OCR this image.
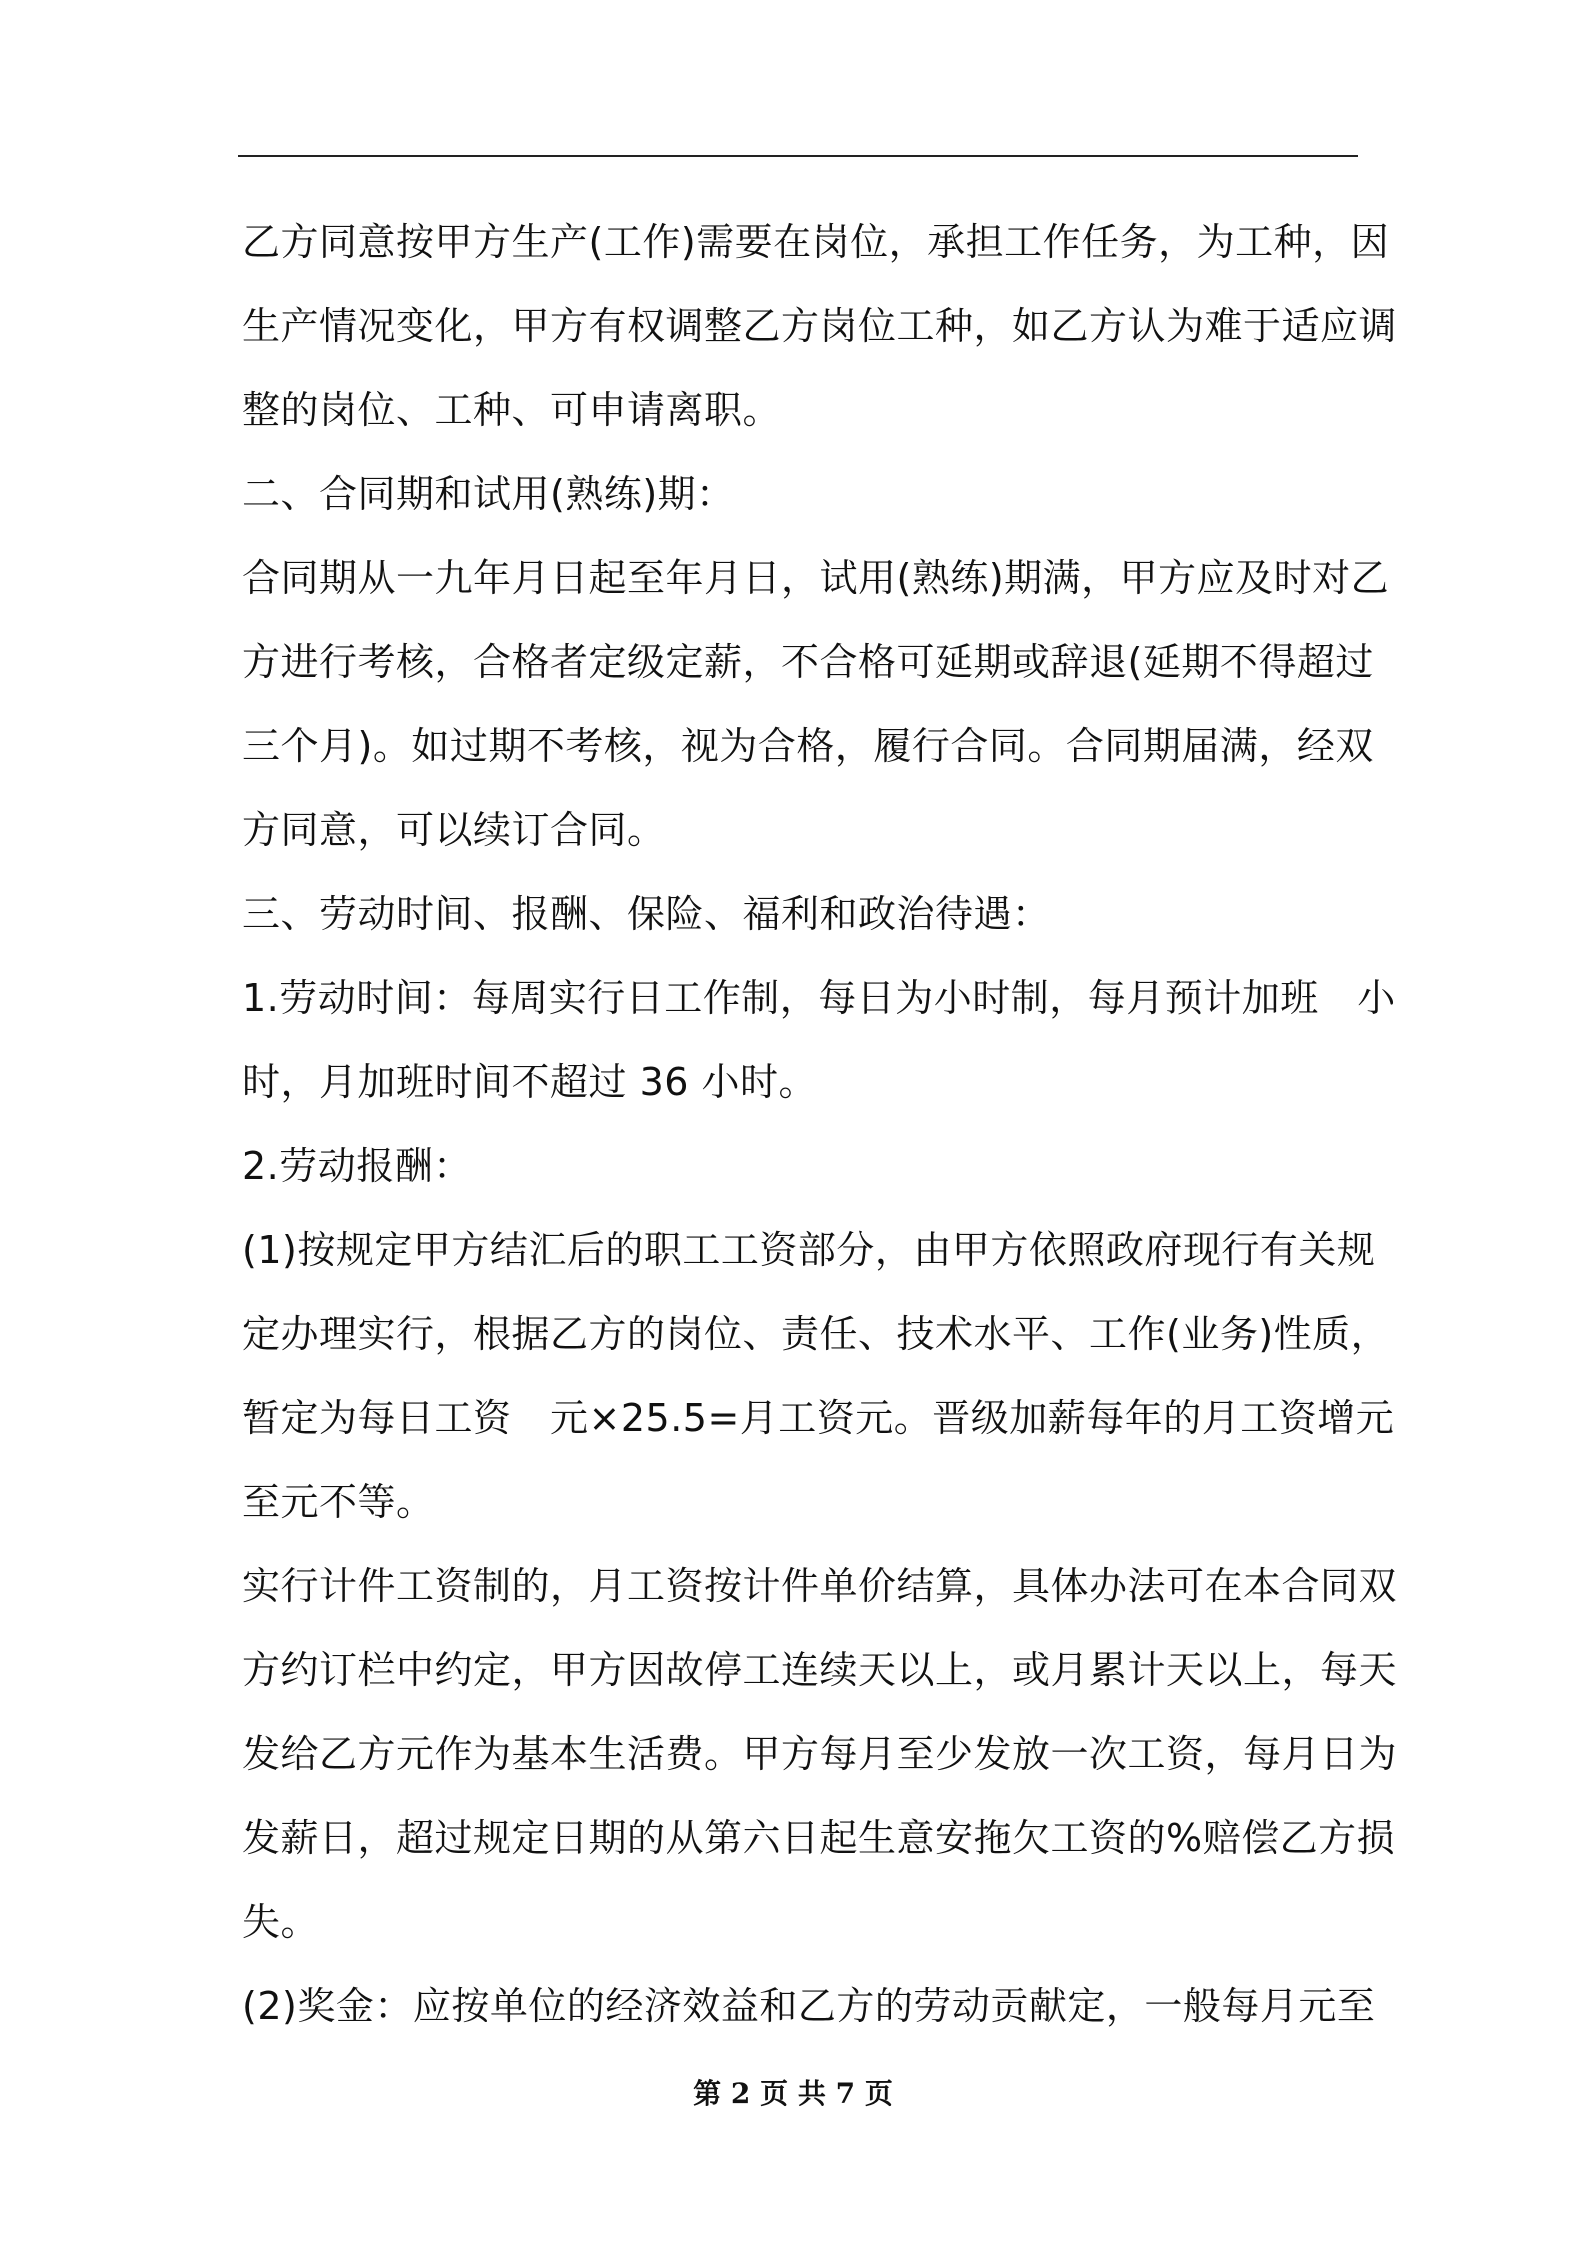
乙方同意按甲方生产(工作)需要在岗位，承担工作任务，为工种，因
生产情况变化，甲方有权调整乙方岗位工种，如乙方认为难于适应调
整的岗位、工种、可申请离职。
二、合同期和试用(熟练)期：
合同期从一九年月日起至年月日，试用(熟练)期满，甲方应及时对乙
方进行考核，合格者定级定薪，不合格可延期或辞退(延期不得超过
三个月)。如过期不考核，视为合格，履行合同。合同期届满，经双
方同意，可以续订合同。
三、劳动时间、报酬、保险、福利和政治待遇：
1.劳动时间：每周实行日工作制，每日为小时制，每月预计加班　小
时，月加班时间不超过 36 小时。
2.劳动报酬：
(1)按规定甲方结汇后的职工工资部分，由甲方依照政府现行有关规
定办理实行，根据乙方的岗位、责任、技术水平、工作(业务)性质，
暂定为每日工资　元×25.5=月工资元。晋级加薪每年的月工资增元
至元不等。
实行计件工资制的，月工资按计件单价结算，具体办法可在本合同双
方约订栏中约定，甲方因故停工连续天以上，或月累计天以上，每天
发给乙方元作为基本生活费。甲方每月至少发放一次工资，每月日为
发薪日，超过规定日期的从第六日起生意安拖欠工资的%赔偿乙方损
失。
(2)奖金：应按单位的经济效益和乙方的劳动贡献定，一般每月元至
第 2 页 共 7 页
